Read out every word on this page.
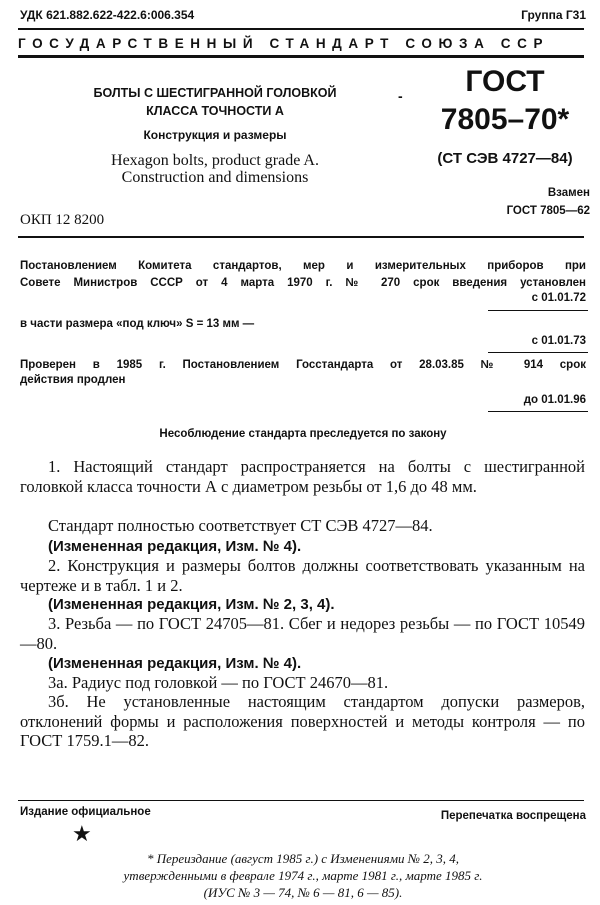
УДК 621.882.622-422.6:006.354	Группа Г31
ГОСУДАРСТВЕННЫЙ СТАНДАРТ СОЮЗА ССР
БОЛТЫ С ШЕСТИГРАННОЙ ГОЛОВКОЙ
КЛАССА ТОЧНОСТИ А
Конструкция и размеры
Hexagon bolts, product grade A.
Construction and dimensions
-	ГОСТ
7805–70*
(СТ СЭВ 4727—84)
Взамен
ГОСТ 7805—62
ОКП 12 8200
Постановлением Комитета стандартов, мер и измерительных приборов при
Совете Министров СССР от 4 марта 1970 г. № 270 срок введения установлен
с 01.01.72
в части размера «под ключ» S = 13 мм —
с 01.01.73
Проверен в 1985 г. Постановлением Госстандарта от 28.03.85 № 914 срок
действия продлен
до 01.01.96
Несоблюдение стандарта преследуется по закону
1. Настоящий стандарт распространяется на болты с шестигранной головкой класса точности А с диаметром резьбы от 1,6 до 48 мм.
Стандарт полностью соответствует СТ СЭВ 4727—84.
(Измененная редакция, Изм. № 4).
2. Конструкция и размеры болтов должны соответствовать указанным на чертеже и в табл. 1 и 2.
(Измененная редакция, Изм. № 2, 3, 4).
3. Резьба — по ГОСТ 24705—81. Сбег и недорез резьбы — по ГОСТ 10549—80.
(Измененная редакция, Изм. № 4).
3а. Радиус под головкой — по ГОСТ 24670—81.
3б. Не установленные настоящим стандартом допуски размеров, отклонений формы и расположения поверхностей и методы контроля — по ГОСТ 1759.1—82.
Издание официальное	Перепечатка воспрещена
★
* Переиздание (август 1985 г.) с Изменениями № 2, 3, 4,
утвержденными в феврале 1974 г., марте 1981 г., марте 1985 г.
(ИУС № 3 — 74, № 6 — 81, 6 — 85).
